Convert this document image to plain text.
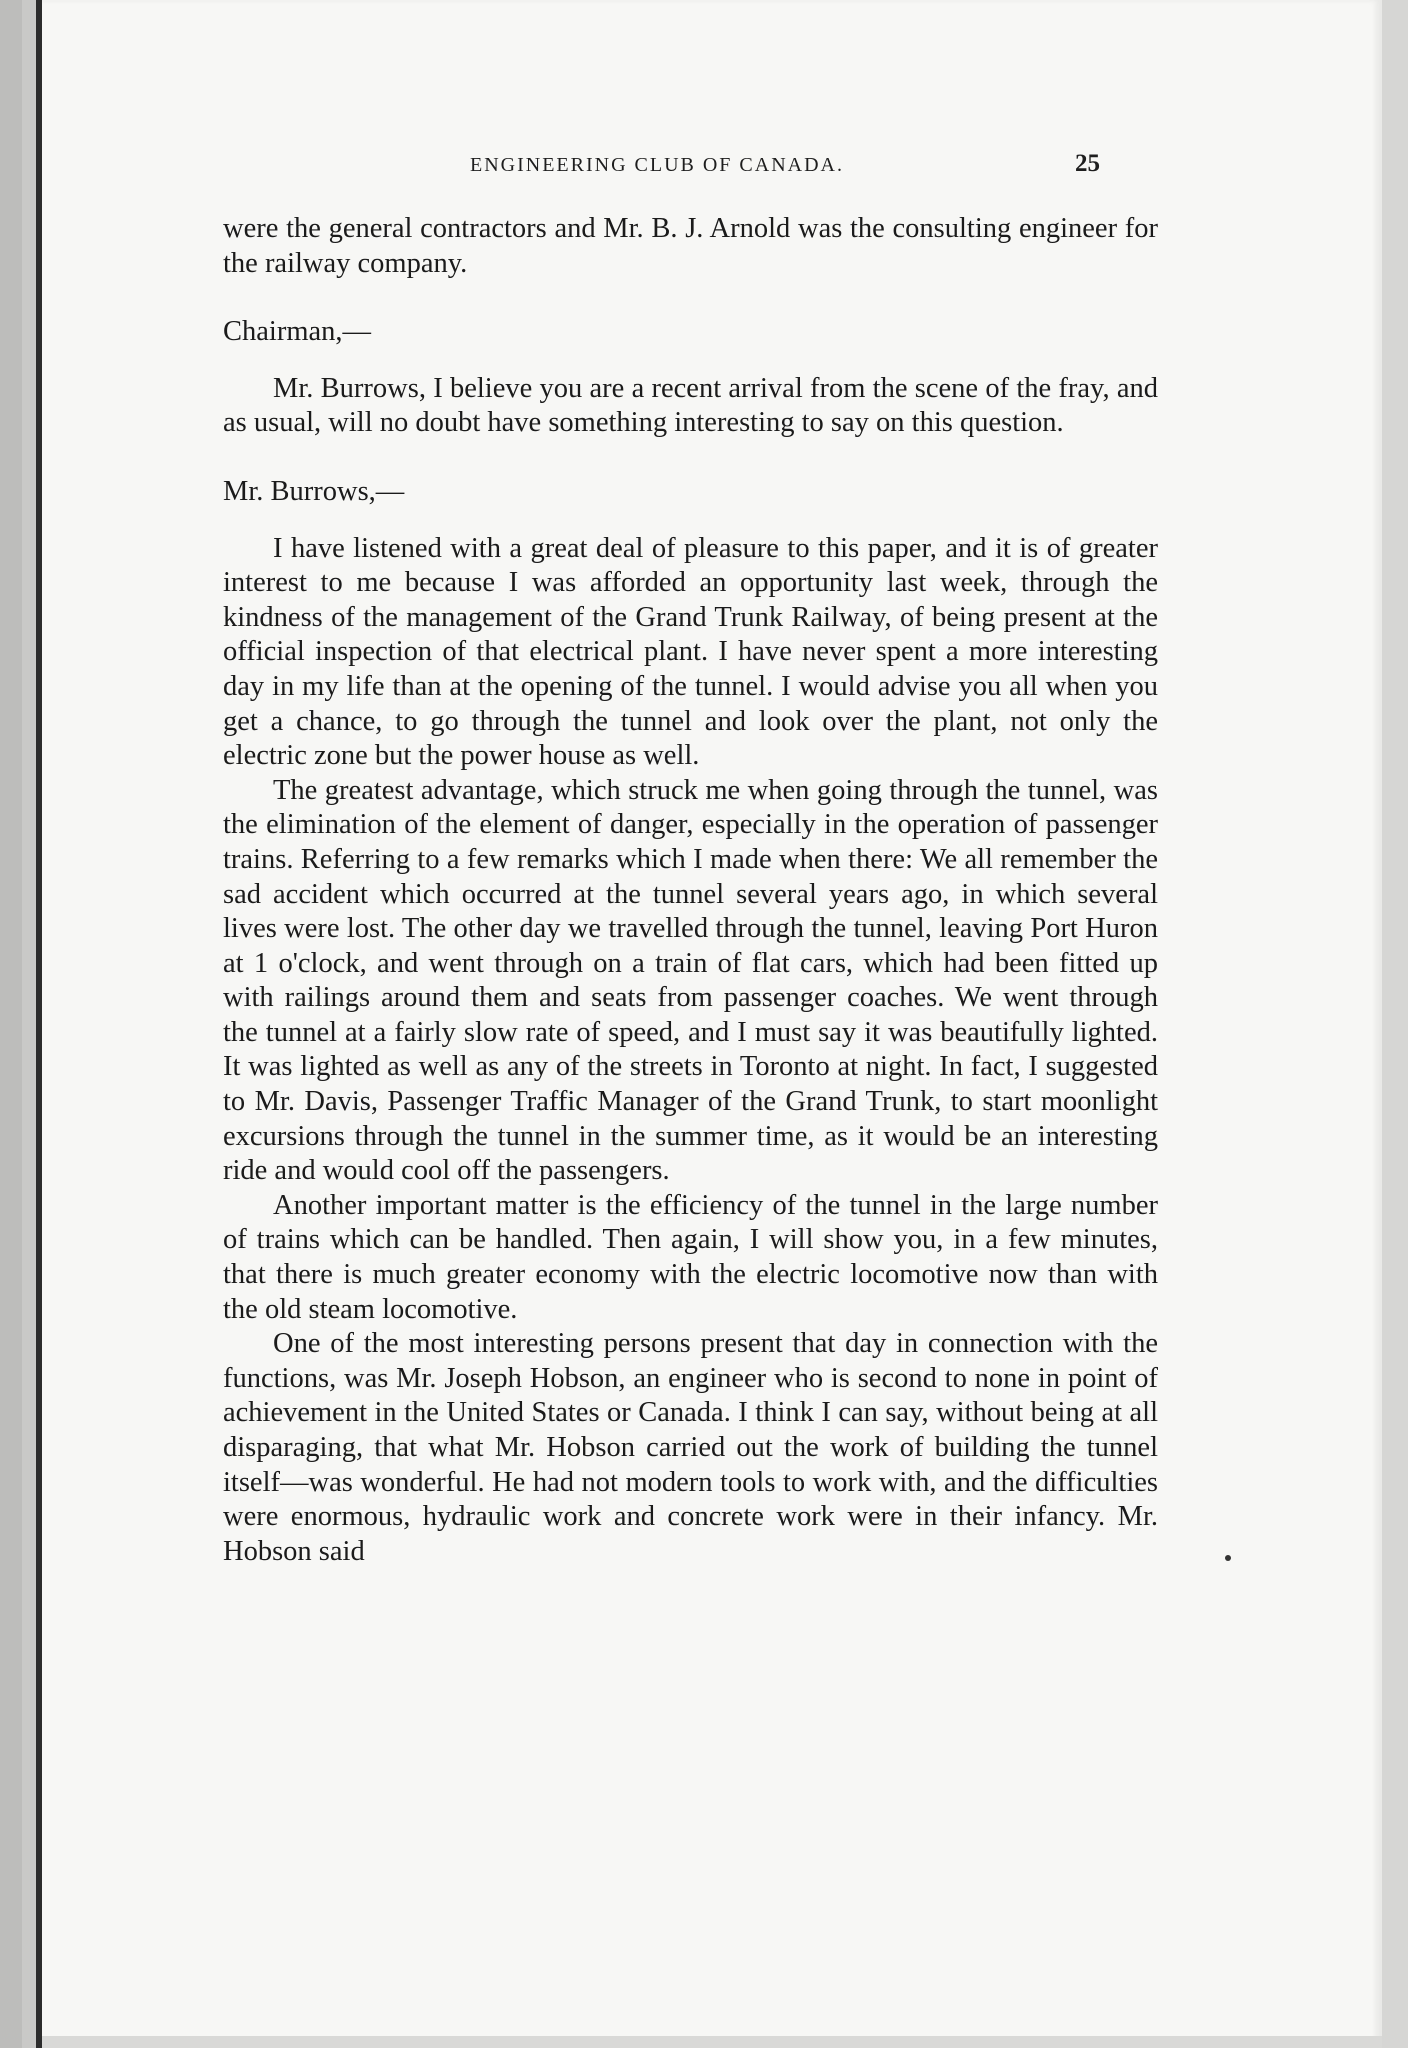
ENGINEERING CLUB OF CANADA.	25

were the general contractors and Mr. B. J. Arnold was the consulting engineer for the railway company.

Chairman,—

Mr. Burrows, I believe you are a recent arrival from the scene of the fray, and as usual, will no doubt have something interesting to say on this question.

Mr. Burrows,—

I have listened with a great deal of pleasure to this paper, and it is of greater interest to me because I was afforded an opportunity last week, through the kindness of the management of the Grand Trunk Railway, of being present at the official inspection of that electrical plant. I have never spent a more interesting day in my life than at the opening of the tunnel. I would advise you all when you get a chance, to go through the tunnel and look over the plant, not only the electric zone but the power house as well.

The greatest advantage, which struck me when going through the tunnel, was the elimination of the element of danger, especially in the operation of passenger trains. Referring to a few remarks which I made when there: We all remember the sad accident which occurred at the tunnel several years ago, in which several lives were lost. The other day we travelled through the tunnel, leaving Port Huron at 1 o'clock, and went through on a train of flat cars, which had been fitted up with railings around them and seats from passenger coaches. We went through the tunnel at a fairly slow rate of speed, and I must say it was beautifully lighted. It was lighted as well as any of the streets in Toronto at night. In fact, I suggested to Mr. Davis, Passenger Traffic Manager of the Grand Trunk, to start moonlight excursions through the tunnel in the summer time, as it would be an interesting ride and would cool off the passengers.

Another important matter is the efficiency of the tunnel in the large number of trains which can be handled. Then again, I will show you, in a few minutes, that there is much greater economy with the electric locomotive now than with the old steam locomotive.

One of the most interesting persons present that day in connection with the functions, was Mr. Joseph Hobson, an engineer who is second to none in point of achievement in the United States or Canada. I think I can say, without being at all disparaging, that what Mr. Hobson carried out the work of building the tunnel itself—was wonderful. He had not modern tools to work with, and the difficulties were enormous, hydraulic work and concrete work were in their infancy. Mr. Hobson said
